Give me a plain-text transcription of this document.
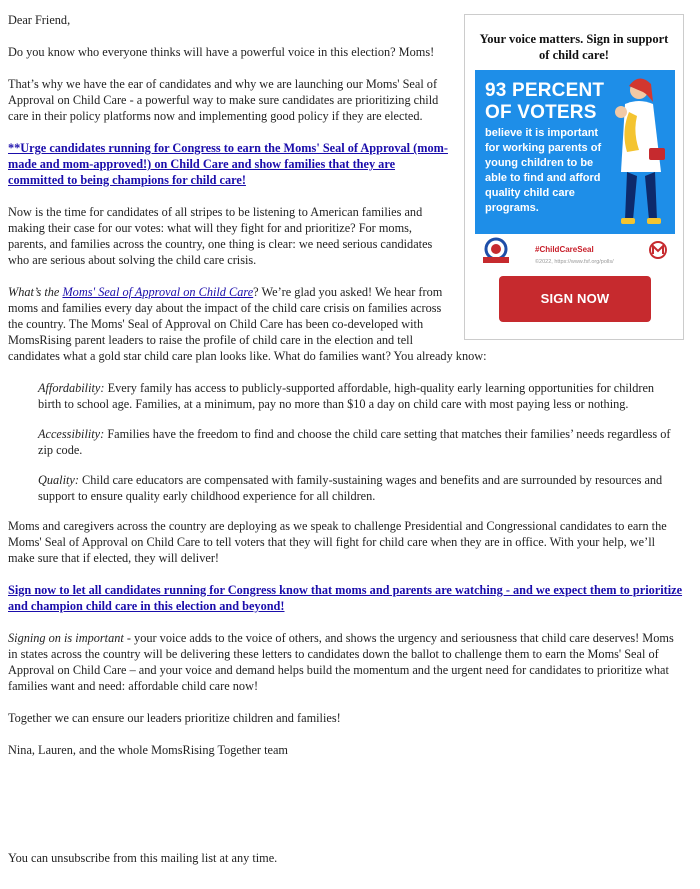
Your voice matters. Sign in support of child care!
93 PERCENT OF VOTERS
believe it is important for working parents of young children to be able to find and afford quality child care programs.
#ChildCareSeal
©2022, https://www.fsf.org/polls/
SIGN NOW

Dear Friend,

Do you know who everyone thinks will have a powerful voice in this election? Moms!

That’s why we have the ear of candidates and why we are launching our Moms' Seal of Approval on Child Care - a powerful way to make sure candidates are prioritizing child care in their policy platforms now and implementing good policy if they are elected.

**Urge candidates running for Congress to earn the Moms' Seal of Approval (mom-made and mom-approved!) on Child Care and show families that they are committed to being champions for child care!

Now is the time for candidates of all stripes to be listening to American families and making their case for our votes: what will they fight for and prioritize? For moms, parents, and families across the country, one thing is clear: we need serious candidates who are serious about solving the child care crisis.

What’s the Moms' Seal of Approval on Child Care? We’re glad you asked! We hear from moms and families every day about the impact of the child care crisis on families across the country. The Moms' Seal of Approval on Child Care has been co-developed with MomsRising parent leaders to raise the profile of child care in the election and tell candidates what a gold star child care plan looks like. What do families want? You already know:

Affordability: Every family has access to publicly-supported affordable, high-quality early learning opportunities for children birth to school age. Families, at a minimum, pay no more than $10 a day on child care with most paying less or nothing.

Accessibility: Families have the freedom to find and choose the child care setting that matches their families’ needs regardless of zip code.

Quality: Child care educators are compensated with family-sustaining wages and benefits and are surrounded by resources and support to ensure quality early childhood experience for all children.

Moms and caregivers across the country are deploying as we speak to challenge Presidential and Congressional candidates to earn the Moms' Seal of Approval on Child Care to tell voters that they will fight for child care when they are in office. With your help, we’ll make sure that if elected, they will deliver!

Sign now to let all candidates running for Congress know that moms and parents are watching - and we expect them to prioritize and champion child care in this election and beyond!

Signing on is important - your voice adds to the voice of others, and shows the urgency and seriousness that child care deserves! Moms in states across the country will be delivering these letters to candidates down the ballot to challenge them to earn the Moms' Seal of Approval on Child Care – and your voice and demand helps build the momentum and the urgent need for candidates to prioritize what families want and need: affordable child care now!

Together we can ensure our leaders prioritize children and families!

Nina, Lauren, and the whole MomsRising Together team

You can unsubscribe from this mailing list at any time.
